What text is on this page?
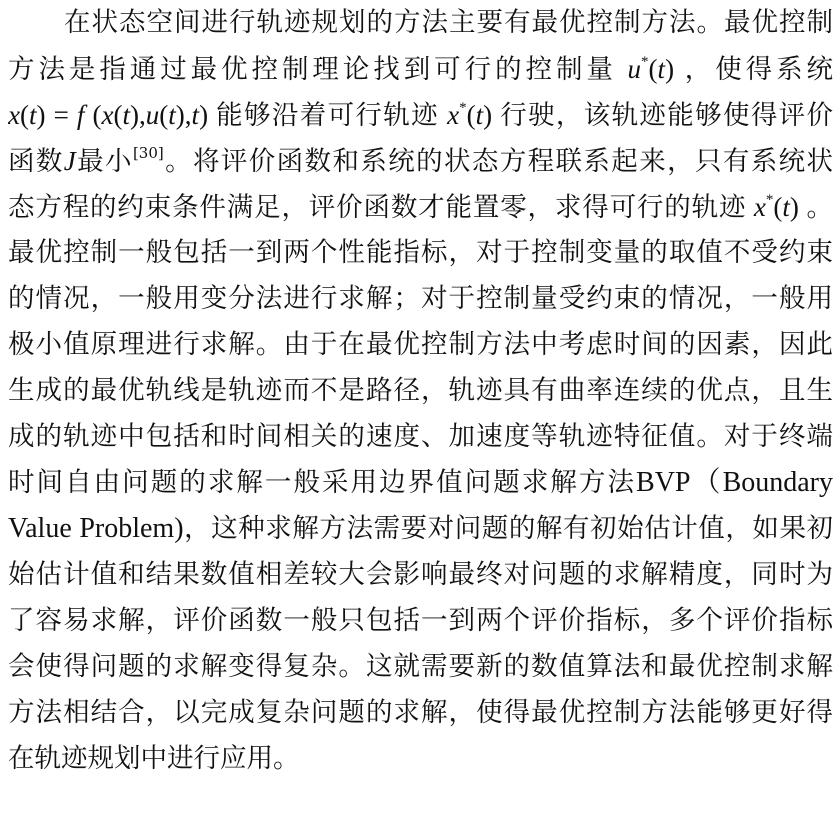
在状态空间进行轨迹规划的方法主要有最优控制方法。最优控制
方法是指通过最优控制理论找到可行的控制量 u*(t) ，使得系统
x(t) = f (x(t),u(t),t) 能够沿着可行轨迹 x*(t) 行驶，该轨迹能够使得评价
函数J最小[30]。将评价函数和系统的状态方程联系起来，只有系统状
态方程的约束条件满足，评价函数才能置零，求得可行的轨迹 x*(t) 。
最优控制一般包括一到两个性能指标，对于控制变量的取值不受约束
的情况，一般用变分法进行求解；对于控制量受约束的情况，一般用
极小值原理进行求解。由于在最优控制方法中考虑时间的因素，因此
生成的最优轨线是轨迹而不是路径，轨迹具有曲率连续的优点，且生
成的轨迹中包括和时间相关的速度、加速度等轨迹特征值。对于终端
时间自由问题的求解一般采用边界值问题求解方法BVP（Boundary
Value Problem)，这种求解方法需要对问题的解有初始估计值，如果初
始估计值和结果数值相差较大会影响最终对问题的求解精度，同时为
了容易求解，评价函数一般只包括一到两个评价指标，多个评价指标
会使得问题的求解变得复杂。这就需要新的数值算法和最优控制求解
方法相结合，以完成复杂问题的求解，使得最优控制方法能够更好得
在轨迹规划中进行应用。
